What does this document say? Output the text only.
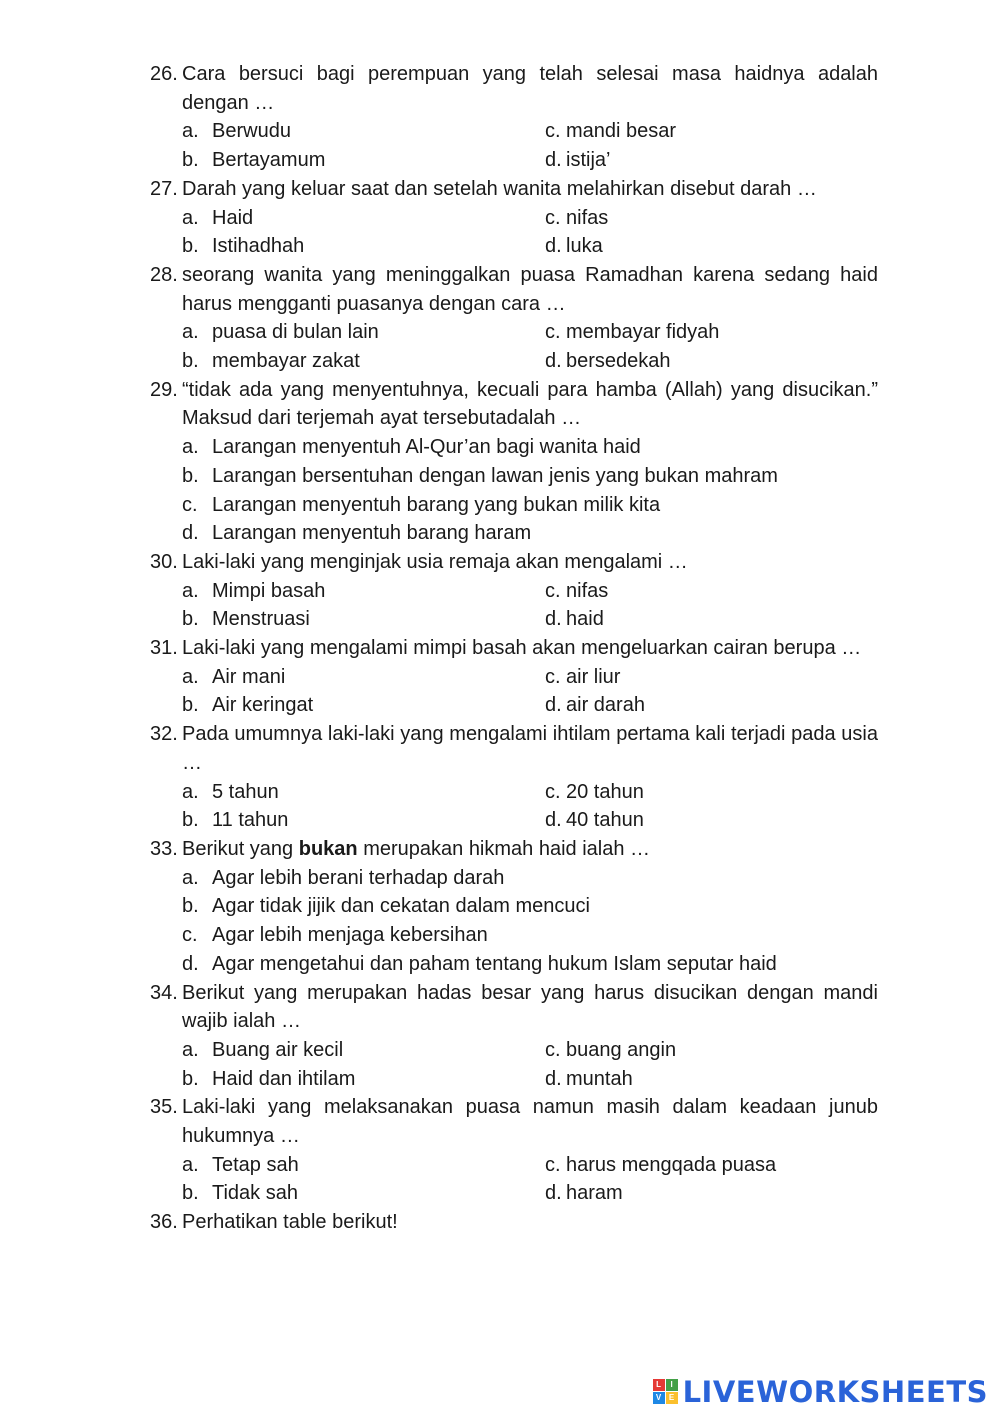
26. Cara bersuci bagi perempuan yang telah selesai masa haidnya adalah dengan …
a. Berwudu	c. mandi besar
b. Bertayamum	d. istija’
27. Darah yang keluar saat dan setelah wanita melahirkan disebut darah …
a. Haid	c. nifas
b. Istihadhah	d. luka
28. seorang wanita yang meninggalkan puasa Ramadhan karena sedang haid harus mengganti puasanya dengan cara …
a. puasa di bulan lain	c. membayar fidyah
b. membayar zakat	d. bersedekah
29. “tidak ada yang menyentuhnya, kecuali para hamba (Allah) yang disucikan.” Maksud dari terjemah ayat tersebutadalah …
a. Larangan menyentuh Al-Qur’an bagi wanita haid
b. Larangan bersentuhan dengan lawan jenis yang bukan mahram
c. Larangan menyentuh barang yang bukan milik kita
d. Larangan menyentuh barang haram
30. Laki-laki yang menginjak usia remaja akan mengalami …
a. Mimpi basah	c. nifas
b. Menstruasi	d. haid
31. Laki-laki yang mengalami mimpi basah akan mengeluarkan cairan berupa …
a. Air mani	c. air liur
b. Air keringat	d. air darah
32. Pada umumnya laki-laki yang mengalami ihtilam pertama kali terjadi pada usia …
a. 5 tahun	c. 20 tahun
b. 11 tahun	d. 40 tahun
33. Berikut yang bukan merupakan hikmah haid ialah …
a. Agar lebih berani terhadap darah
b. Agar tidak jijik dan cekatan dalam mencuci
c. Agar lebih menjaga kebersihan
d. Agar mengetahui dan paham tentang hukum Islam seputar haid
34. Berikut yang merupakan hadas besar yang harus disucikan dengan mandi wajib ialah …
a. Buang air kecil	c. buang angin
b. Haid dan ihtilam	d. muntah
35. Laki-laki yang melaksanakan puasa namun masih dalam keadaan junub hukumnya …
a. Tetap sah	c. harus mengqada puasa
b. Tidak sah	d. haram
36. Perhatikan table berikut!
L	I
V E LIVEWORKSHEETS
